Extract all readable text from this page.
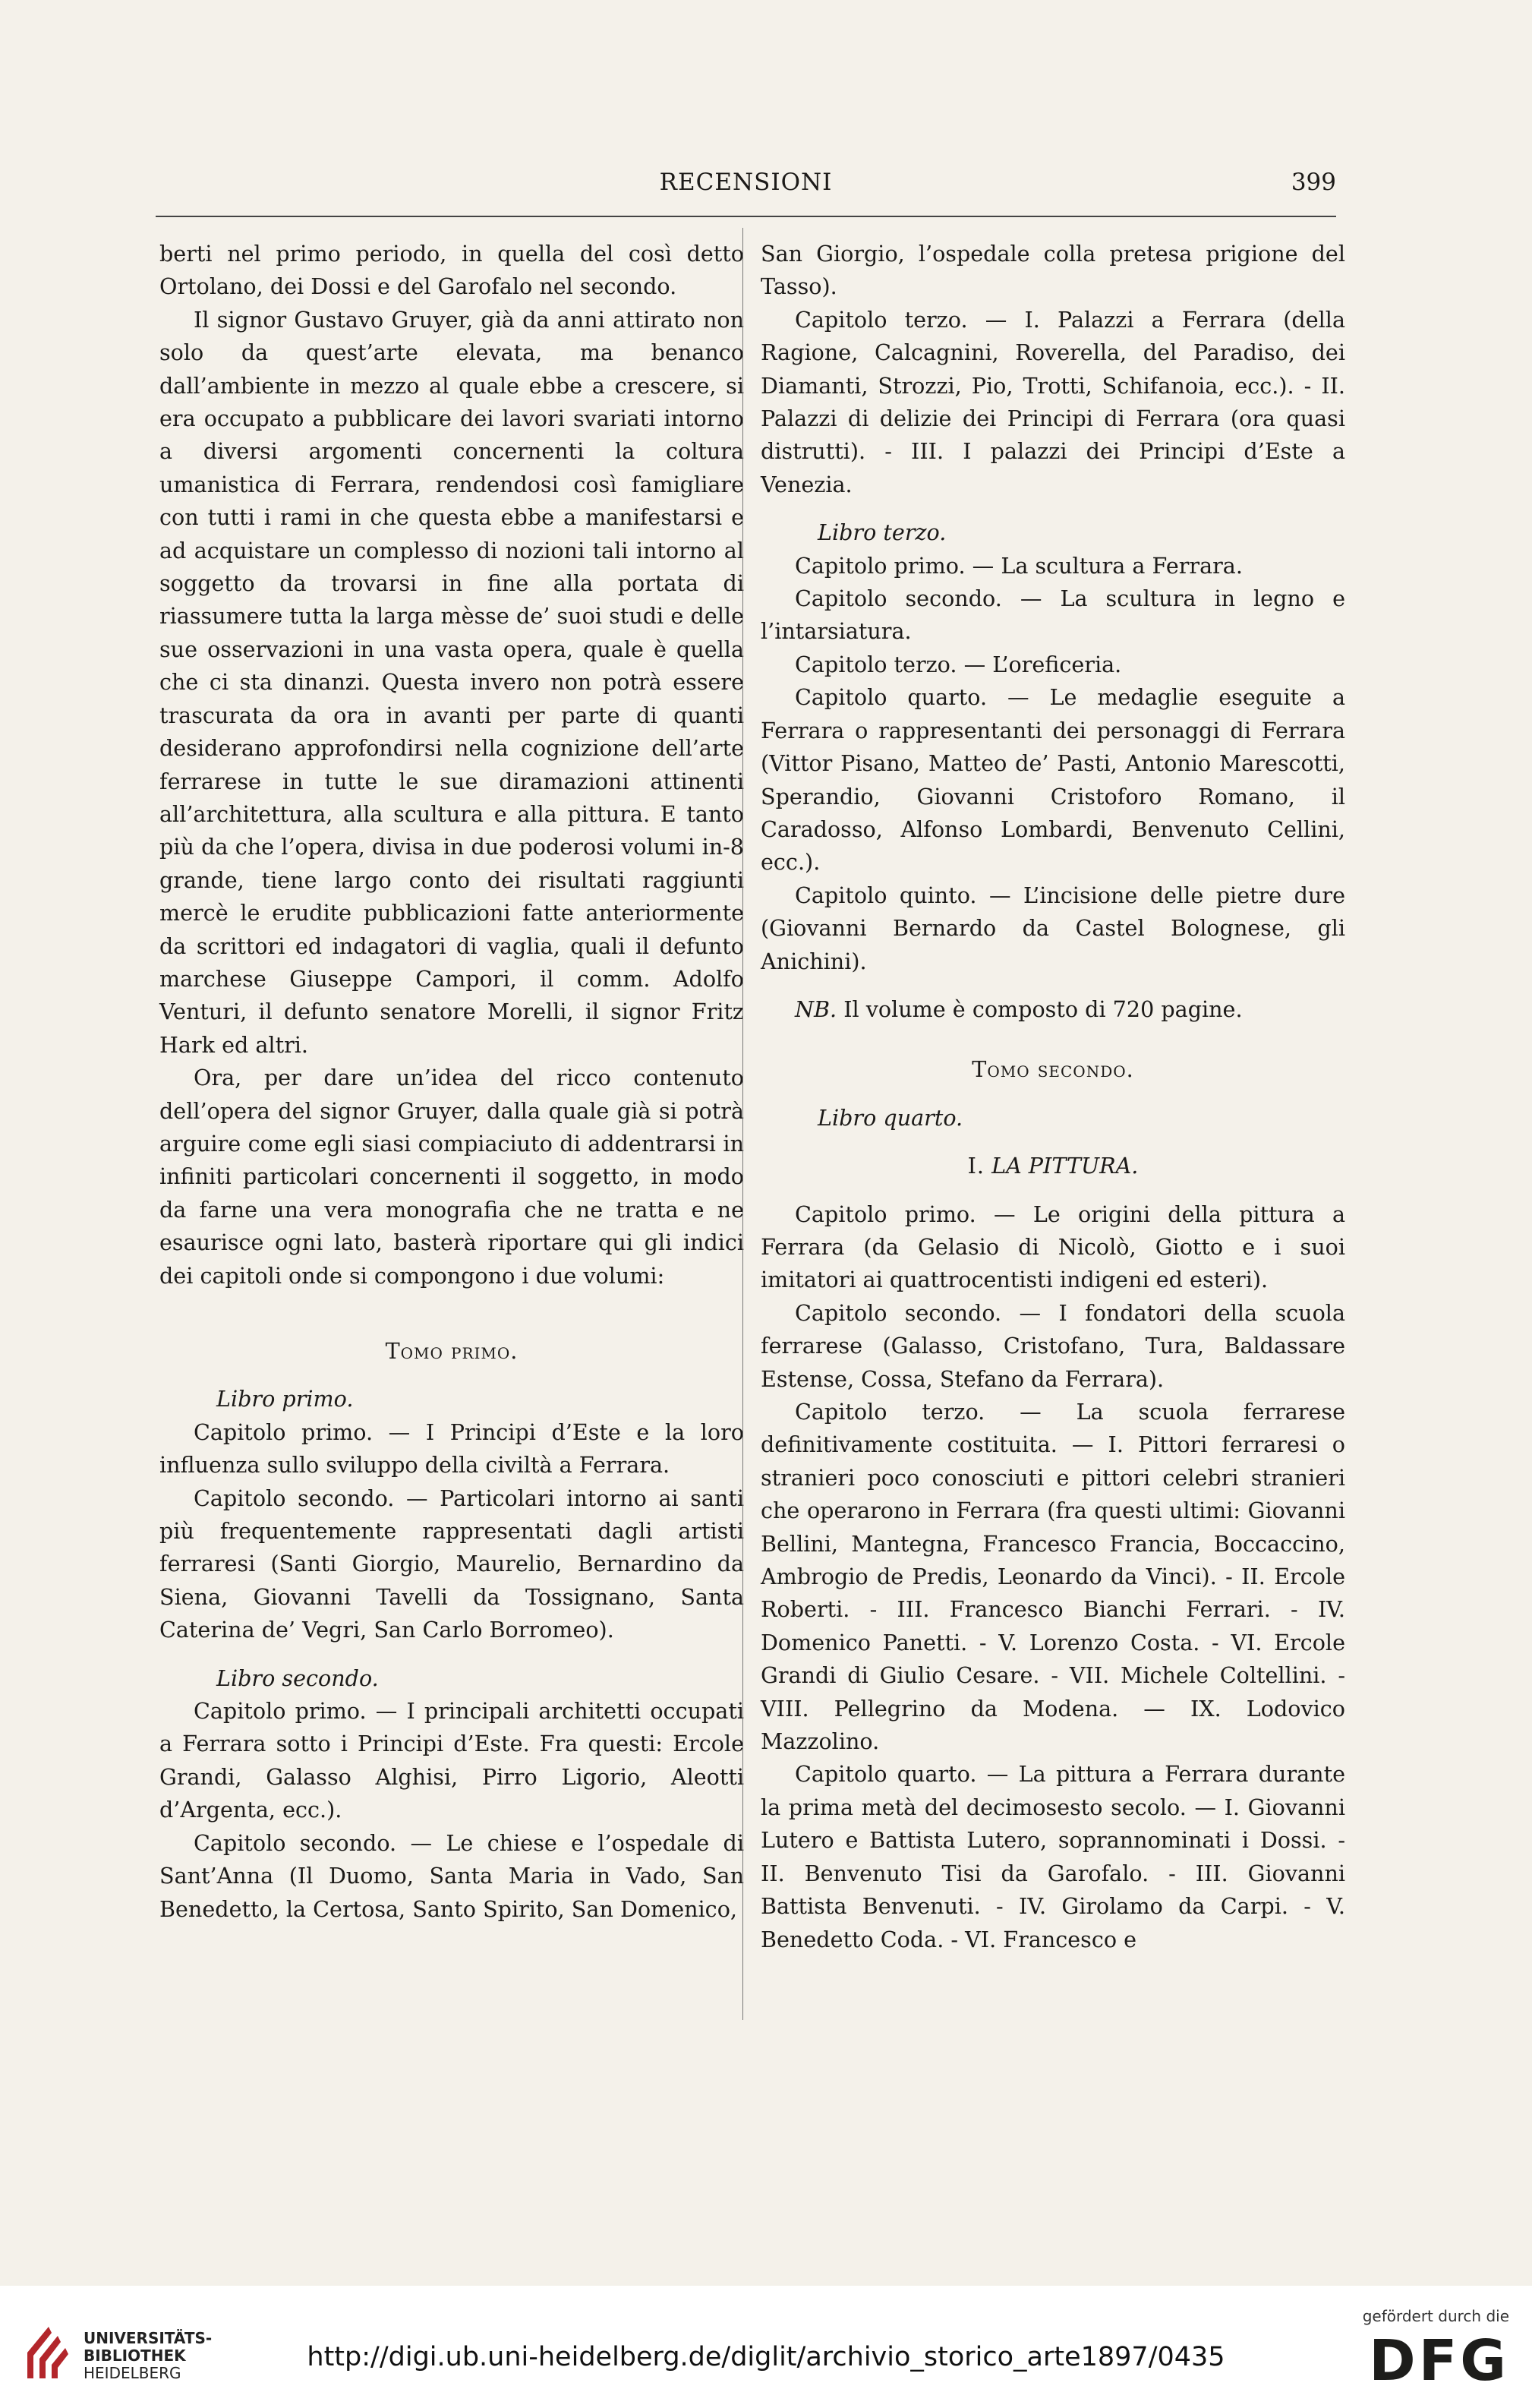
RECENSIONI	399

berti nel primo periodo, in quella del così detto Ortolano, dei Dossi e del Garofalo nel secondo.

Il signor Gustavo Gruyer, già da anni attirato non solo da quest’arte elevata, ma benanco dall’ambiente in mezzo al quale ebbe a crescere, si era occupato a pubblicare dei lavori svariati intorno a diversi argomenti concernenti la coltura umanistica di Ferrara, rendendosi così famigliare con tutti i rami in che questa ebbe a manifestarsi e ad acquistare un complesso di nozioni tali intorno al soggetto da trovarsi in fine alla portata di riassumere tutta la larga mèsse de’ suoi studi e delle sue osservazioni in una vasta opera, quale è quella che ci sta dinanzi. Questa invero non potrà essere trascurata da ora in avanti per parte di quanti desiderano approfondirsi nella cognizione dell’arte ferrarese in tutte le sue diramazioni attinenti all’architettura, alla scultura e alla pittura. E tanto più da che l’opera, divisa in due poderosi volumi in-8 grande, tiene largo conto dei risultati raggiunti mercè le erudite pubblicazioni fatte anteriormente da scrittori ed indagatori di vaglia, quali il defunto marchese Giuseppe Campori, il comm. Adolfo Venturi, il defunto senatore Morelli, il signor Fritz Hark ed altri.

Ora, per dare un’idea del ricco contenuto dell’opera del signor Gruyer, dalla quale già si potrà arguire come egli siasi compiaciuto di addentrarsi in infiniti particolari concernenti il soggetto, in modo da farne una vera monografia che ne tratta e ne esaurisce ogni lato, basterà riportare qui gli indici dei capitoli onde si compongono i due volumi:

Tomo primo.

Libro primo.

Capitolo primo. — I Principi d’Este e la loro influenza sullo sviluppo della civiltà a Ferrara.

Capitolo secondo. — Particolari intorno ai santi più frequentemente rappresentati dagli artisti ferraresi (Santi Giorgio, Maurelio, Bernardino da Siena, Giovanni Tavelli da Tossignano, Santa Caterina de’ Vegri, San Carlo Borromeo).

Libro secondo.

Capitolo primo. — I principali architetti occupati a Ferrara sotto i Principi d’Este. Fra questi: Ercole Grandi, Galasso Alghisi, Pirro Ligorio, Aleotti d’Argenta, ecc.).

Capitolo secondo. — Le chiese e l’ospedale di Sant’Anna (Il Duomo, Santa Maria in Vado, San Benedetto, la Certosa, Santo Spirito, San Domenico,

San Giorgio, l’ospedale colla pretesa prigione del Tasso).

Capitolo terzo. — I. Palazzi a Ferrara (della Ragione, Calcagnini, Roverella, del Paradiso, dei Diamanti, Strozzi, Pio, Trotti, Schifanoia, ecc.). - II. Palazzi di delizie dei Principi di Ferrara (ora quasi distrutti). - III. I palazzi dei Principi d’Este a Venezia.

Libro terzo.

Capitolo primo. — La scultura a Ferrara.

Capitolo secondo. — La scultura in legno e l’intarsiatura.

Capitolo terzo. — L’oreficeria.

Capitolo quarto. — Le medaglie eseguite a Ferrara o rappresentanti dei personaggi di Ferrara (Vittor Pisano, Matteo de’ Pasti, Antonio Marescotti, Sperandio, Giovanni Cristoforo Romano, il Caradosso, Alfonso Lombardi, Benvenuto Cellini, ecc.).

Capitolo quinto. — L’incisione delle pietre dure (Giovanni Bernardo da Castel Bolognese, gli Anichini).

NB. Il volume è composto di 720 pagine.

Tomo secondo.

Libro quarto.

I. LA PITTURA.

Capitolo primo. — Le origini della pittura a Ferrara (da Gelasio di Nicolò, Giotto e i suoi imitatori ai quattrocentisti indigeni ed esteri).

Capitolo secondo. — I fondatori della scuola ferrarese (Galasso, Cristofano, Tura, Baldassare Estense, Cossa, Stefano da Ferrara).

Capitolo terzo. — La scuola ferrarese definitivamente costituita. — I. Pittori ferraresi o stranieri poco conosciuti e pittori celebri stranieri che operarono in Ferrara (fra questi ultimi: Giovanni Bellini, Mantegna, Francesco Francia, Boccaccino, Ambrogio de Predis, Leonardo da Vinci). - II. Ercole Roberti. - III. Francesco Bianchi Ferrari. - IV. Domenico Panetti. - V. Lorenzo Costa. - VI. Ercole Grandi di Giulio Cesare. - VII. Michele Coltellini. - VIII. Pellegrino da Modena. — IX. Lodovico Mazzolino.

Capitolo quarto. — La pittura a Ferrara durante la prima metà del decimosesto secolo. — I. Giovanni Lutero e Battista Lutero, soprannominati i Dossi. - II. Benvenuto Tisi da Garofalo. - III. Giovanni Battista Benvenuti. - IV. Girolamo da Carpi. - V. Benedetto Coda. - VI. Francesco e

UNIVERSITÄTS-
BIBLIOTHEK
HEIDELBERG
http://digi.ub.uni-heidelberg.de/diglit/archivio_storico_arte1897/0435
gefördert durch die
DFG
